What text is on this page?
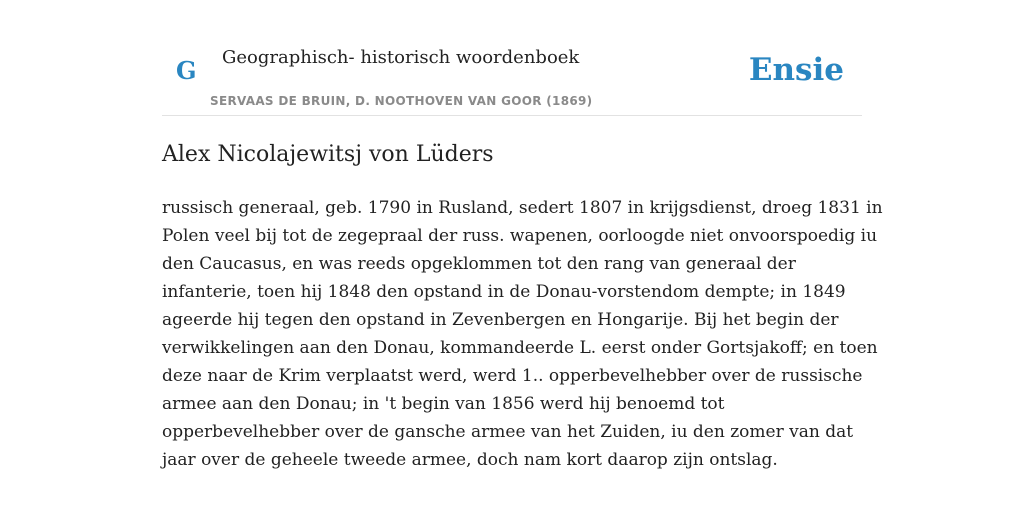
G Geographisch- historisch woordenboek
SERVAAS DE BRUIN, D. NOOTHOVEN VAN GOOR (1869)
Ensie
Alex Nicolajewitsj von Lüders
russisch generaal, geb. 1790 in Rusland, sedert 1807 in krijgsdienst, droeg 1831 in
Polen veel bij tot de zegepraal der russ. wapenen, oorloogde niet onvoorspoedig iu
den Caucasus, en was reeds opgeklommen tot den rang van generaal der
infanterie, toen hij 1848 den opstand in de Donau-vorstendom dempte; in 1849
ageerde hij tegen den opstand in Zevenbergen en Hongarije. Bij het begin der
verwikkelingen aan den Donau, kommandeerde L. eerst onder Gortsjakoff; en toen
deze naar de Krim verplaatst werd, werd 1.. opperbevelhebber over de russische
armee aan den Donau; in 't begin van 1856 werd hij benoemd tot
opperbevelhebber over de gansche armee van het Zuiden, iu den zomer van dat
jaar over de geheele tweede armee, doch nam kort daarop zijn ontslag.
